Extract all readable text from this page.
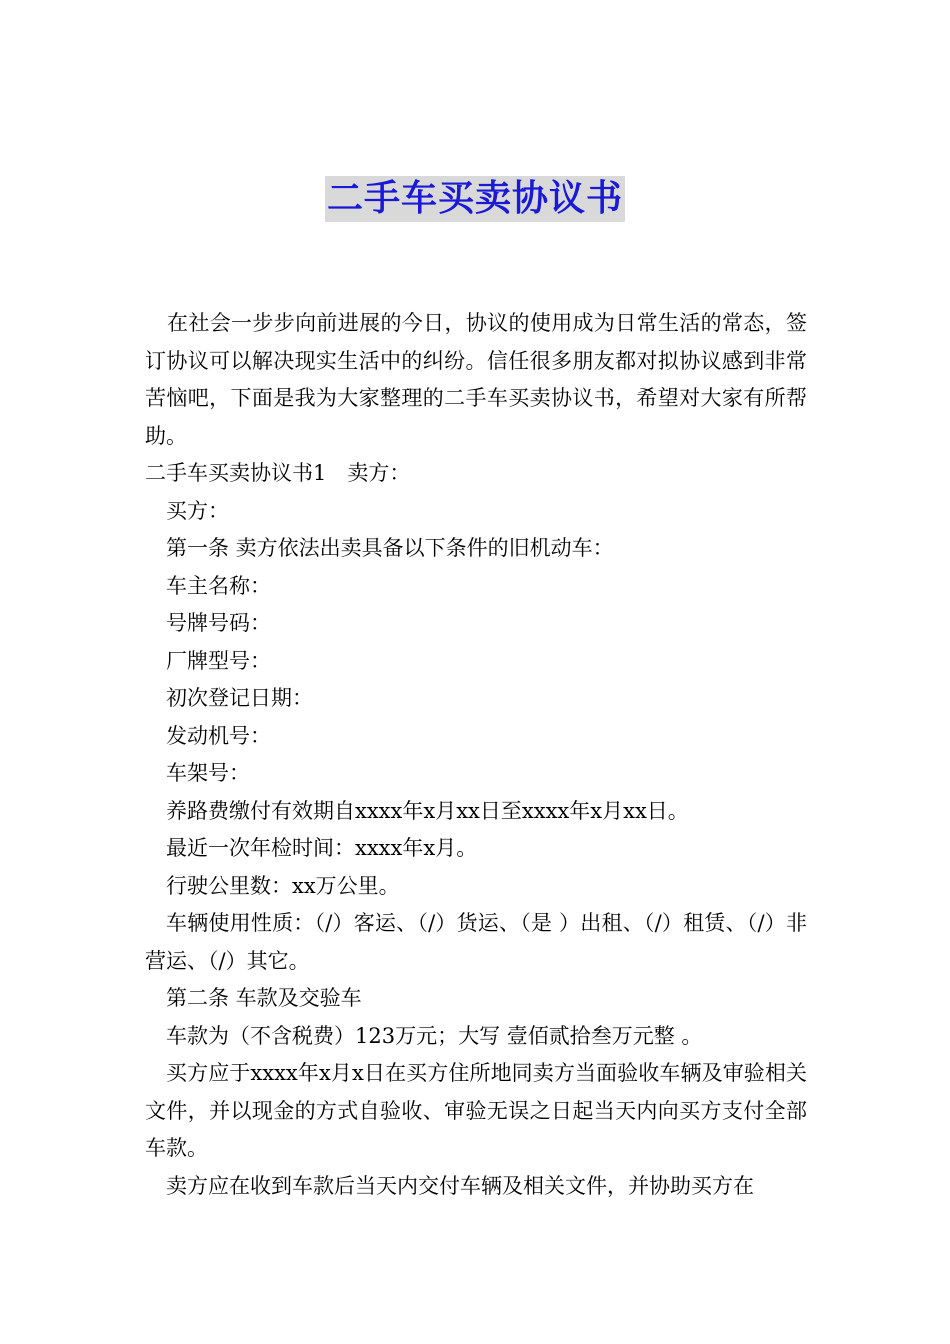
二手车买卖协议书

在社会一步步向前进展的今日，协议的使用成为日常生活的常态，签订协议可以解决现实生活中的纠纷。信任很多朋友都对拟协议感到非常苦恼吧，下面是我为大家整理的二手车买卖协议书，希望对大家有所帮助。

二手车买卖协议书1　卖方：

买方：

第一条 卖方依法出卖具备以下条件的旧机动车：

车主名称：

号牌号码：

厂牌型号：

初次登记日期：

发动机号：

车架号：

养路费缴付有效期自xxxx年x月xx日至xxxx年x月xx日。

最近一次年检时间：xxxx年x月。

行驶公里数：xx万公里。

车辆使用性质：（/）客运、（/）货运、（是 ）出租、（/）租赁、（/）非营运、（/）其它。

第二条 车款及交验车

车款为（不含税费）123万元；大写 壹佰贰拾叁万元整 。

买方应于xxxx年x月x日在买方住所地同卖方当面验收车辆及审验相关文件，并以现金的方式自验收、审验无误之日起当天内向买方支付全部车款。

卖方应在收到车款后当天内交付车辆及相关文件，并协助买方在
